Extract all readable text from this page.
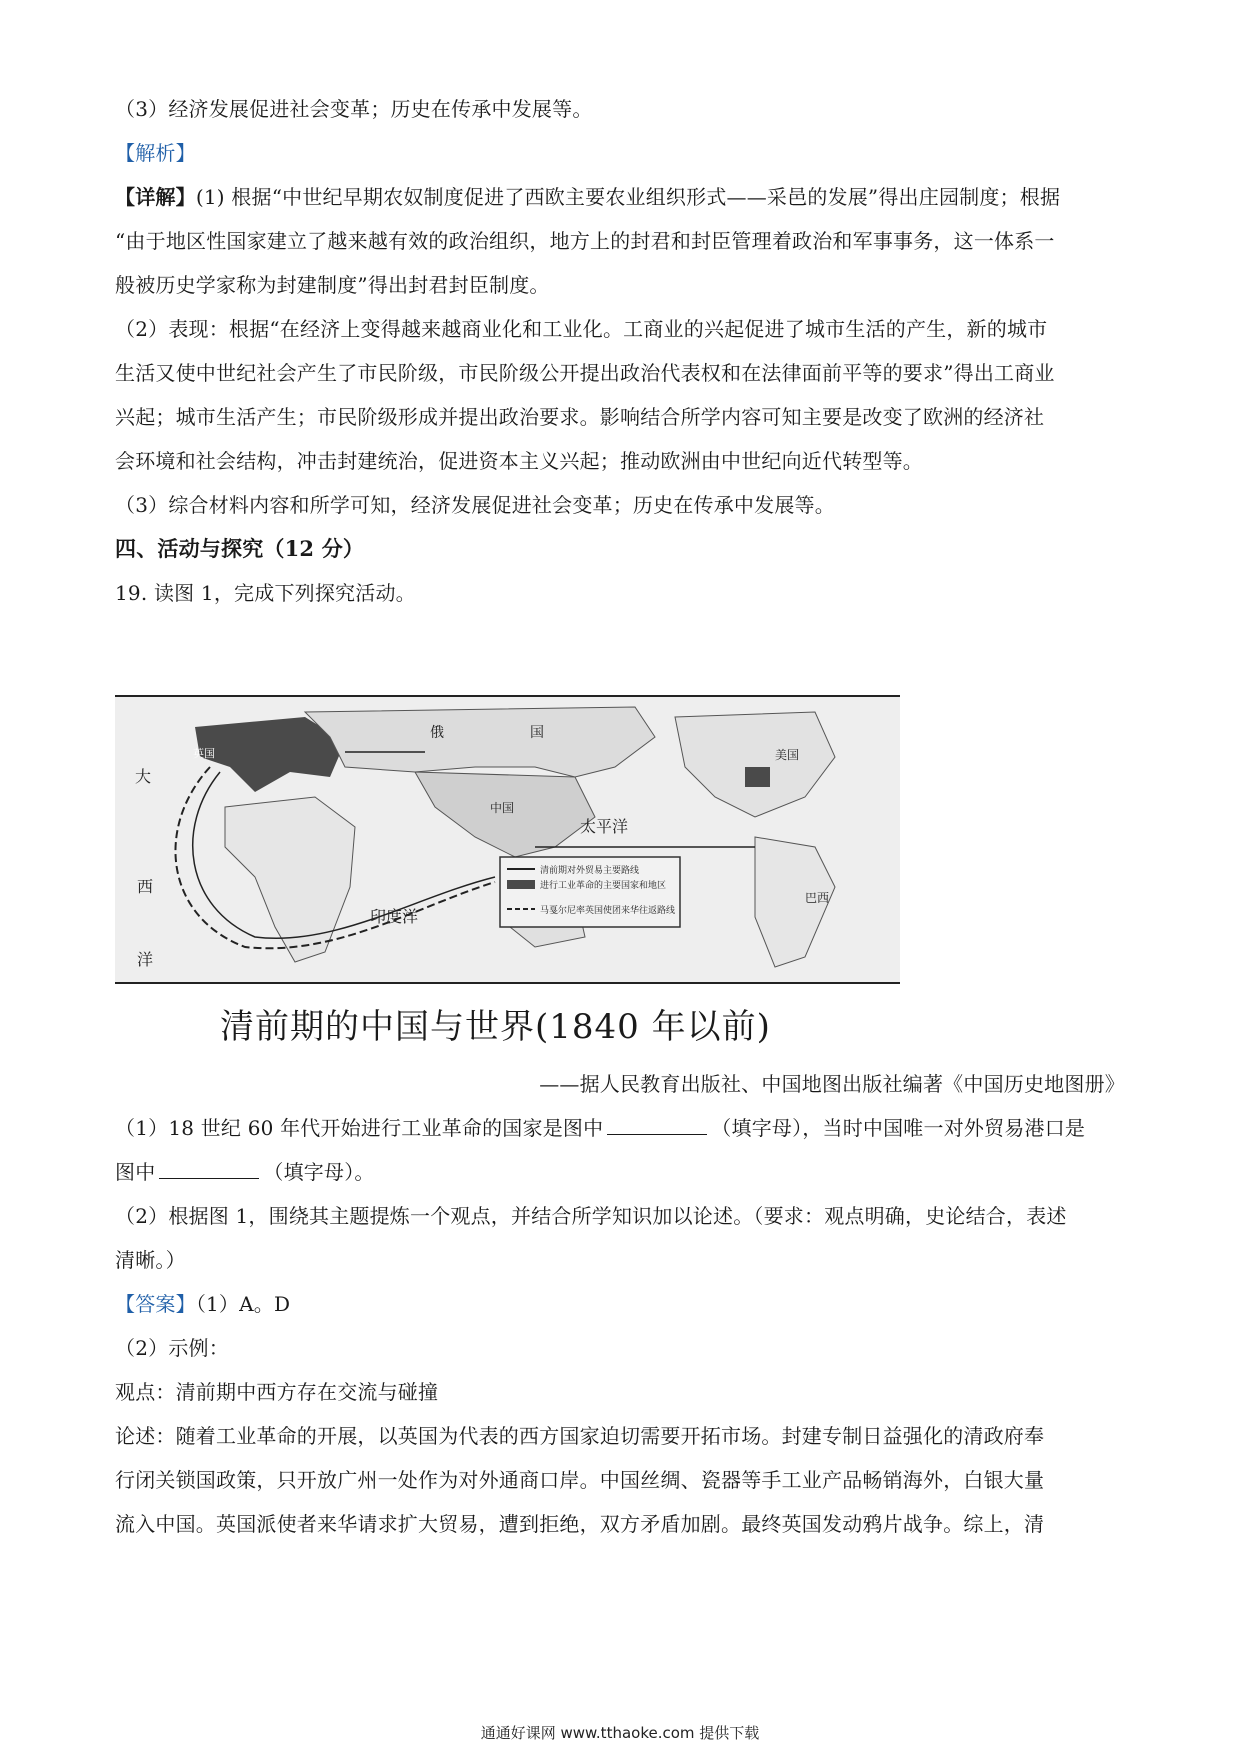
（3）经济发展促进社会变革；历史在传承中发展等。
【解析】
【详解】(1) 根据“中世纪早期农奴制度促进了西欧主要农业组织形式——采邑的发展”得出庄园制度；根据
“由于地区性国家建立了越来越有效的政治组织，地方上的封君和封臣管理着政治和军事事务，这一体系一
般被历史学家称为封建制度”得出封君封臣制度。
（2）表现：根据“在经济上变得越来越商业化和工业化。工商业的兴起促进了城市生活的产生，新的城市
生活又使中世纪社会产生了市民阶级，市民阶级公开提出政治代表权和在法律面前平等的要求”得出工商业
兴起；城市生活产生；市民阶级形成并提出政治要求。影响结合所学内容可知主要是改变了欧洲的经济社
会环境和社会结构，冲击封建统治，促进资本主义兴起；推动欧洲由中世纪向近代转型等。
（3）综合材料内容和所学可知，经济发展促进社会变革；历史在传承中发展等。
四、活动与探究（12 分）
19. 读图 1，完成下列探究活动。
俄	国
英国
大
西
洋
太平洋
印度洋
中国
美国
巴西
清前期对外贸易主要路线
进行工业革命的主要国家和地区
马戛尔尼率英国使团来华往返路线
清前期的中国与世界(1840 年以前)
——据人民教育出版社、中国地图出版社编著《中国历史地图册》
（1）18 世纪 60 年代开始进行工业革命的国家是图中	（填字母），当时中国唯一对外贸易港口是
图中	（填字母）。
（2）根据图 1，围绕其主题提炼一个观点，并结合所学知识加以论述。（要求：观点明确，史论结合，表述
清晰。）
【答案】（1）A。D
（2）示例：
观点：清前期中西方存在交流与碰撞
论述：随着工业革命的开展，以英国为代表的西方国家迫切需要开拓市场。封建专制日益强化的清政府奉
行闭关锁国政策，只开放广州一处作为对外通商口岸。中国丝绸、瓷器等手工业产品畅销海外，白银大量
流入中国。英国派使者来华请求扩大贸易，遭到拒绝，双方矛盾加剧。最终英国发动鸦片战争。综上，清
通通好课网 www.tthaoke.com 提供下载
